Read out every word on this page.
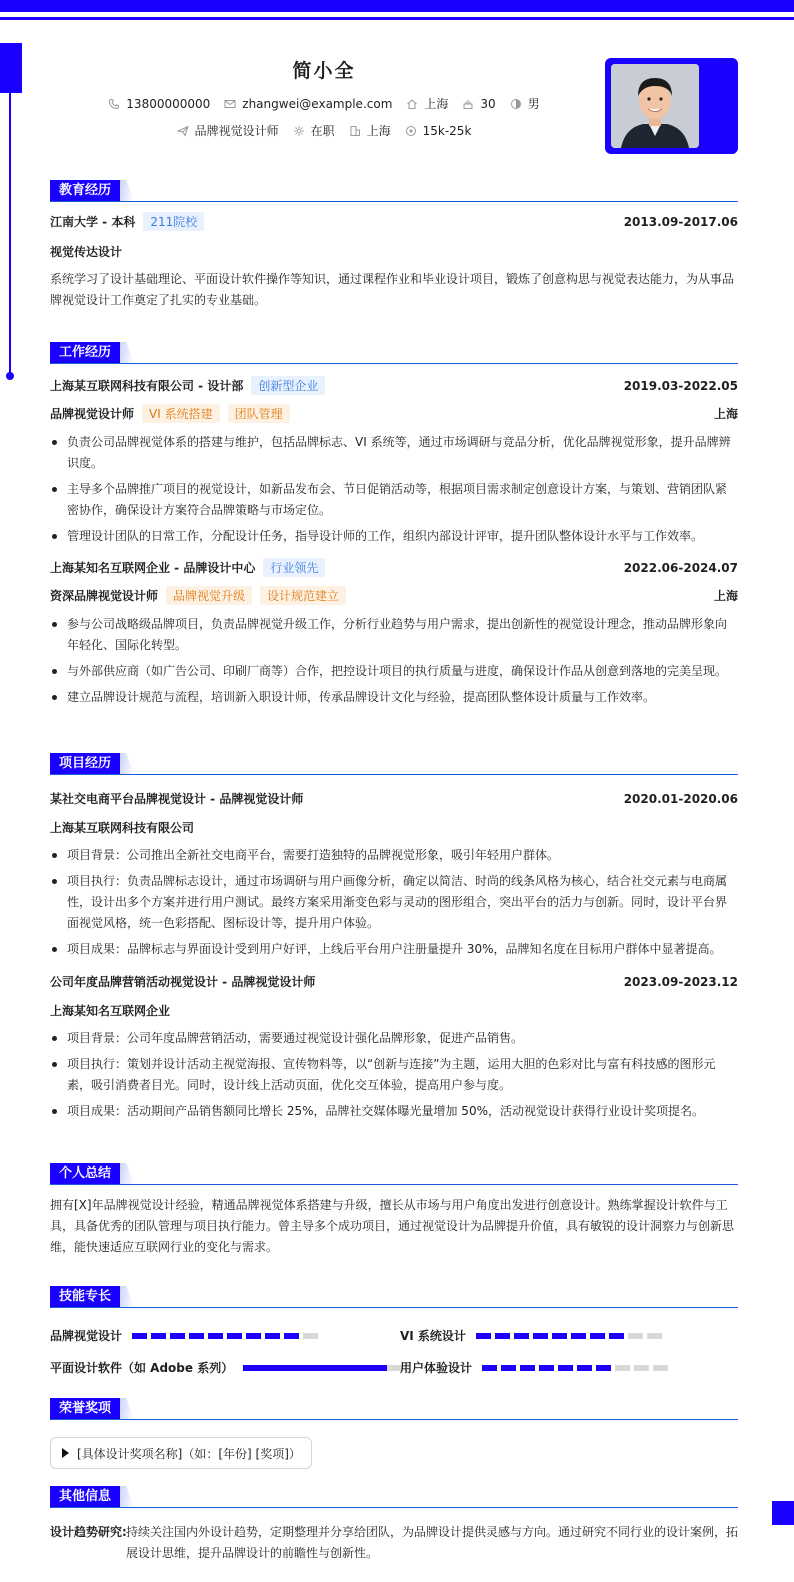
简小全
13800000000	zhangwei@example.com	上海	30	男
品牌视觉设计师	在职	上海	15k-25k
教育经历
江南大学 - 本科	211院校	2013.09-2017.06
视觉传达设计
系统学习了设计基础理论、平面设计软件操作等知识，通过课程作业和毕业设计项目，锻炼了创意构思与视觉表达能力，为从事品牌视觉设计工作奠定了扎实的专业基础。
工作经历
上海某互联网科技有限公司 - 设计部	创新型企业	2019.03-2022.05
品牌视觉设计师	VI 系统搭建	团队管理	上海
负责公司品牌视觉体系的搭建与维护，包括品牌标志、VI 系统等，通过市场调研与竞品分析，优化品牌视觉形象，提升品牌辨识度。
主导多个品牌推广项目的视觉设计，如新品发布会、节日促销活动等，根据项目需求制定创意设计方案，与策划、营销团队紧密协作，确保设计方案符合品牌策略与市场定位。
管理设计团队的日常工作，分配设计任务，指导设计师的工作，组织内部设计评审，提升团队整体设计水平与工作效率。
上海某知名互联网企业 - 品牌设计中心	行业领先	2022.06-2024.07
资深品牌视觉设计师	品牌视觉升级	设计规范建立	上海
参与公司战略级品牌项目，负责品牌视觉升级工作，分析行业趋势与用户需求，提出创新性的视觉设计理念，推动品牌形象向年轻化、国际化转型。
与外部供应商（如广告公司、印刷厂商等）合作，把控设计项目的执行质量与进度，确保设计作品从创意到落地的完美呈现。
建立品牌设计规范与流程，培训新入职设计师，传承品牌设计文化与经验，提高团队整体设计质量与工作效率。
项目经历
某社交电商平台品牌视觉设计 - 品牌视觉设计师	2020.01-2020.06
上海某互联网科技有限公司
项目背景：公司推出全新社交电商平台，需要打造独特的品牌视觉形象，吸引年轻用户群体。
项目执行：负责品牌标志设计，通过市场调研与用户画像分析，确定以简洁、时尚的线条风格为核心，结合社交元素与电商属性，设计出多个方案并进行用户测试。最终方案采用渐变色彩与灵动的图形组合，突出平台的活力与创新。同时，设计平台界面视觉风格，统一色彩搭配、图标设计等，提升用户体验。
项目成果：品牌标志与界面设计受到用户好评，上线后平台用户注册量提升 30%，品牌知名度在目标用户群体中显著提高。
公司年度品牌营销活动视觉设计 - 品牌视觉设计师	2023.09-2023.12
上海某知名互联网企业
项目背景：公司年度品牌营销活动，需要通过视觉设计强化品牌形象，促进产品销售。
项目执行：策划并设计活动主视觉海报、宣传物料等，以“创新与连接”为主题，运用大胆的色彩对比与富有科技感的图形元素，吸引消费者目光。同时，设计线上活动页面，优化交互体验，提高用户参与度。
项目成果：活动期间产品销售额同比增长 25%，品牌社交媒体曝光量增加 50%，活动视觉设计获得行业设计奖项提名。
个人总结
拥有[X]年品牌视觉设计经验，精通品牌视觉体系搭建与升级，擅长从市场与用户角度出发进行创意设计。熟练掌握设计软件与工具，具备优秀的团队管理与项目执行能力。曾主导多个成功项目，通过视觉设计为品牌提升价值，具有敏锐的设计洞察力与创新思维，能快速适应互联网行业的变化与需求。
技能专长
品牌视觉设计	VI 系统设计
平面设计软件（如 Adobe 系列）	用户体验设计
荣誉奖项
[具体设计奖项名称]（如：[年份] [奖项]）
其他信息
设计趋势研究: 持续关注国内外设计趋势，定期整理并分享给团队，为品牌设计提供灵感与方向。通过研究不同行业的设计案例，拓展设计思维，提升品牌设计的前瞻性与创新性。
